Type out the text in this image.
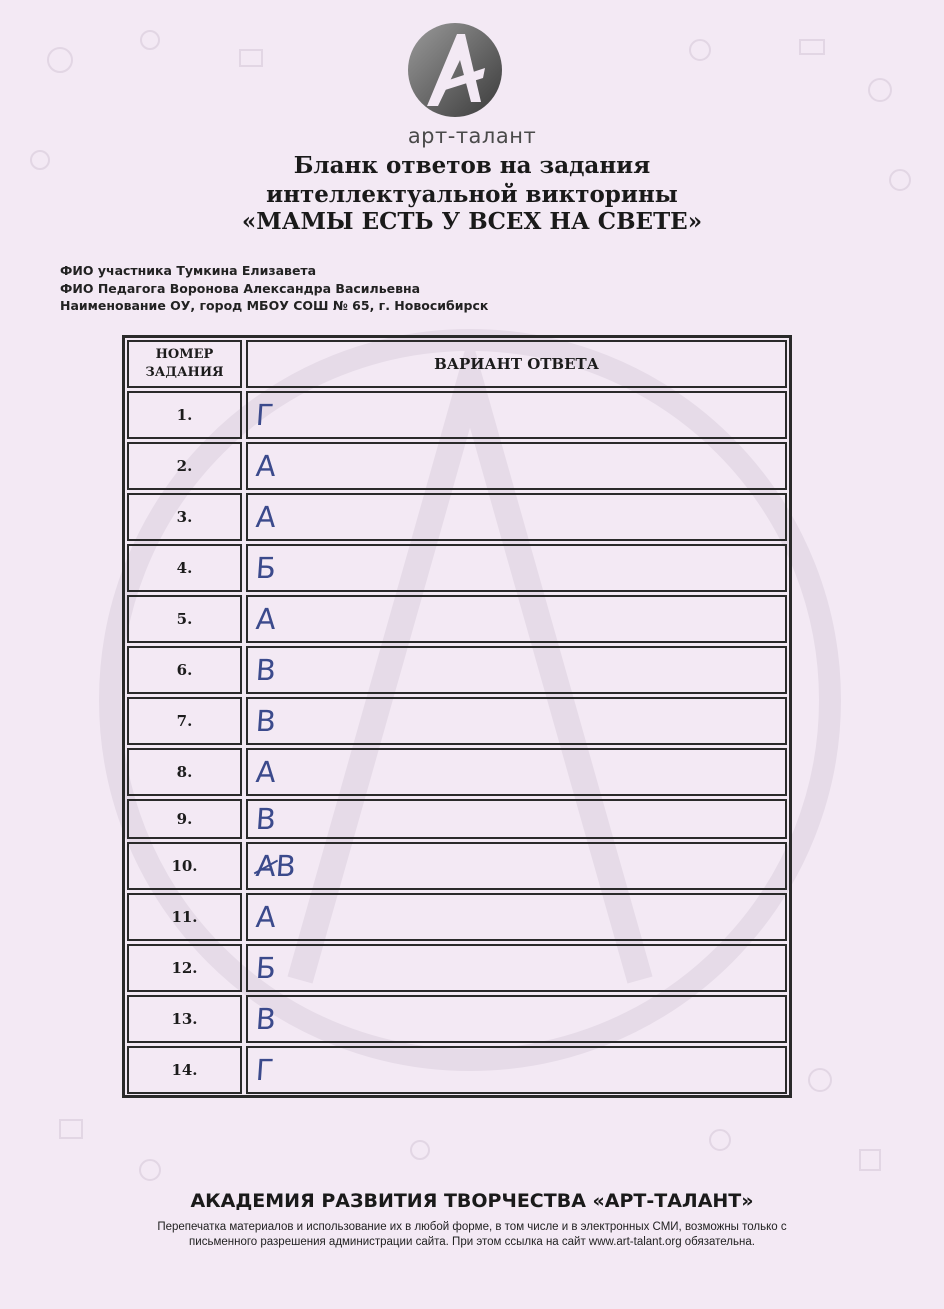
арт-талант
Бланк ответов на задания
интеллектуальной викторины
«МАМЫ ЕСТЬ У ВСЕХ НА СВЕТЕ»
ФИО участника Тумкина Елизавета
ФИО Педагога Воронова Александра Васильевна
Наименование ОУ, город МБОУ СОШ № 65, г. Новосибирск
НОМЕР
ЗАДАНИЯ	ВАРИАНТ ОТВЕТА
1.	Г
2.	А
3.	А
4.	Б
5.	А
6.	В
7.	В
8.	А
9.	В
10.	АВ
11.	А
12.	Б
13.	В
14.	Г
АКАДЕМИЯ РАЗВИТИЯ ТВОРЧЕСТВА «АРТ-ТАЛАНТ»
Перепечатка материалов и использование их в любой форме, в том числе и в электронных СМИ, возможны только с
письменного разрешения администрации сайта. При этом ссылка на сайт www.art-talant.org обязательна.
